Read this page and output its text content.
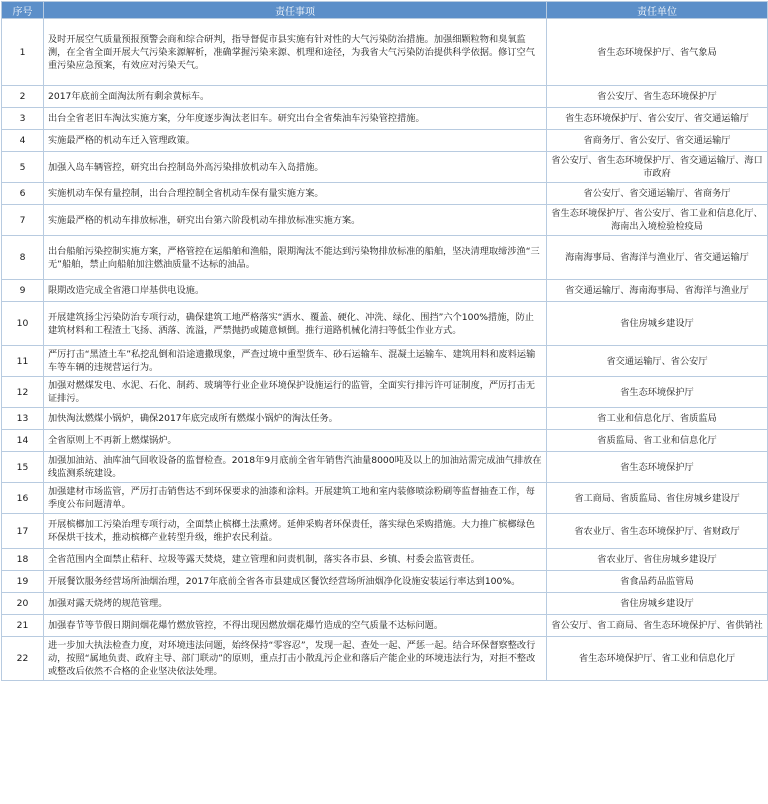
序号	责任事项	责任单位
1	及时开展空气质量预报预警会商和综合研判，指导督促市县实施有针对性的大气污染防治措施。加强细颗粒物和臭氧监测，在全省全面开展大气污染来源解析，准确掌握污染来源、机理和途径，为我省大气污染防治提供科学依据。修订空气重污染应急预案，有效应对污染天气。	省生态环境保护厅、省气象局
2	2017年底前全面淘汰所有剩余黄标车。	省公安厅、省生态环境保护厅
3	出台全省老旧车淘汰实施方案，分年度逐步淘汰老旧车。研究出台全省柴油车污染管控措施。	省生态环境保护厅、省公安厅、省交通运输厅
4	实施最严格的机动车迁入管理政策。	省商务厅、省公安厅、省交通运输厅
5	加强入岛车辆管控，研究出台控制岛外高污染排放机动车入岛措施。	省公安厅、省生态环境保护厅、省交通运输厅、海口市政府
6	实施机动车保有量控制，出台合理控制全省机动车保有量实施方案。	省公安厅、省交通运输厅、省商务厅
7	实施最严格的机动车排放标准，研究出台第六阶段机动车排放标准实施方案。	省生态环境保护厅、省公安厅、省工业和信息化厅、海南出入境检验检疫局
8	出台船舶污染控制实施方案，严格管控在运船舶和渔船，限期淘汰不能达到污染物排放标准的船舶，坚决清理取缔涉渔“三无”船舶，禁止向船舶加注燃油质量不达标的油品。	海南海事局、省海洋与渔业厅、省交通运输厅
9	限期改造完成全省港口岸基供电设施。	省交通运输厅、海南海事局、省海洋与渔业厅
10	开展建筑扬尘污染防治专项行动，确保建筑工地严格落实“洒水、覆盖、硬化、冲洗、绿化、围挡”六个100%措施，防止建筑材料和工程渣土飞扬、洒落、流溢，严禁抛扔或随意倾倒。推行道路机械化清扫等低尘作业方式。	省住房城乡建设厅
11	严厉打击“黑渣土车”私挖乱倒和沿途遗撒现象，严查过境中重型货车、砂石运输车、混凝土运输车、建筑用料和废料运输车等车辆的违规营运行为。	省交通运输厅、省公安厅
12	加强对燃煤发电、水泥、石化、制药、玻璃等行业企业环境保护设施运行的监管，全面实行排污许可证制度，严厉打击无证排污。	省生态环境保护厅
13	加快淘汰燃煤小锅炉，确保2017年底完成所有燃煤小锅炉的淘汰任务。	省工业和信息化厅、省质监局
14	全省原则上不再新上燃煤锅炉。	省质监局、省工业和信息化厅
15	加强加油站、油库油气回收设备的监督检查。2018年9月底前全省年销售汽油量8000吨及以上的加油站需完成油气排放在线监测系统建设。	省生态环境保护厅
16	加强建材市场监管，严厉打击销售达不到环保要求的油漆和涂料。开展建筑工地和室内装修喷涂粉刷等监督抽查工作，每季度公布问题清单。	省工商局、省质监局、省住房城乡建设厅
17	开展槟榔加工污染治理专项行动，全面禁止槟榔土法熏烤。延伸采购者环保责任，落实绿色采购措施。大力推广槟榔绿色环保烘干技术，推动槟榔产业转型升级，维护农民利益。	省农业厅、省生态环境保护厅、省财政厅
18	全省范围内全面禁止秸秆、垃圾等露天焚烧，建立管理和问责机制，落实各市县、乡镇、村委会监管责任。	省农业厅、省住房城乡建设厅
19	开展餐饮服务经营场所油烟治理，2017年底前全省各市县建成区餐饮经营场所油烟净化设施安装运行率达到100%。	省食品药品监管局
20	加强对露天烧烤的规范管理。	省住房城乡建设厅
21	加强春节等节假日期间烟花爆竹燃放管控，不得出现因燃放烟花爆竹造成的空气质量不达标问题。	省公安厅、省工商局、省生态环境保护厅、省供销社
22	进一步加大执法检查力度，对环境违法问题，始终保持“零容忍”，发现一起、查处一起、严惩一起。结合环保督察整改行动，按照“属地负责、政府主导、部门联动”的原则，重点打击小散乱污企业和落后产能企业的环境违法行为，对拒不整改或整改后依然不合格的企业坚决依法处理。	省生态环境保护厅、省工业和信息化厅
